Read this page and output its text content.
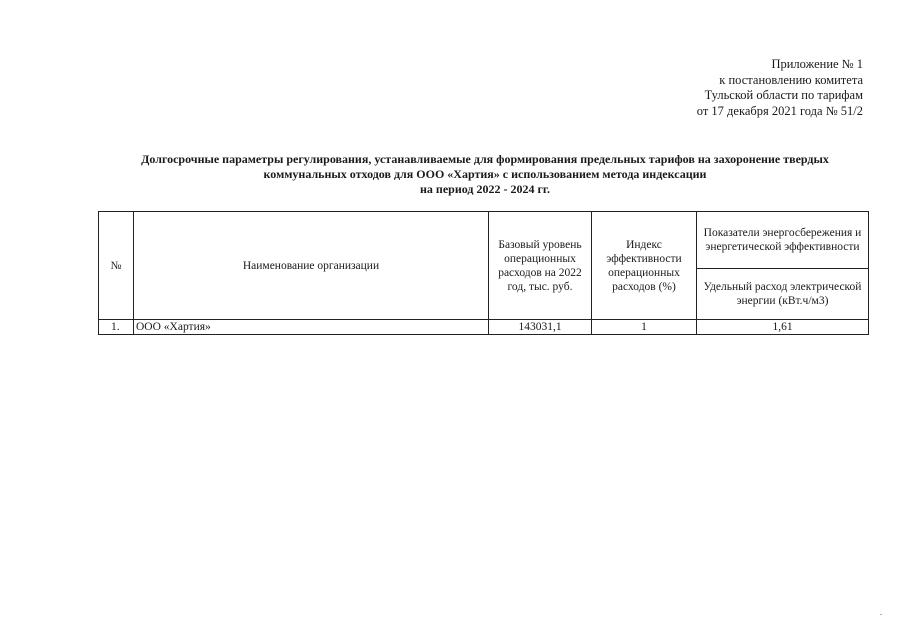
Приложение № 1
к постановлению комитета
Тульской области по тарифам
от 17 декабря 2021 года № 51/2
Долгосрочные параметры регулирования, устанавливаемые для формирования предельных тарифов на захоронение твердых
коммунальных отходов для ООО «Хартия» с использованием метода индексации
на период 2022 - 2024 гг.
№	Наименование организации	Базовый уровень операционных расходов на 2022 год, тыс. руб.	Индекс эффективности операционных расходов (%)	Показатели энергосбережения и энергетической эффективности
				Удельный расход электрической энергии (кВт.ч/м3)
1.	ООО «Хартия»	143031,1	1	1,61
